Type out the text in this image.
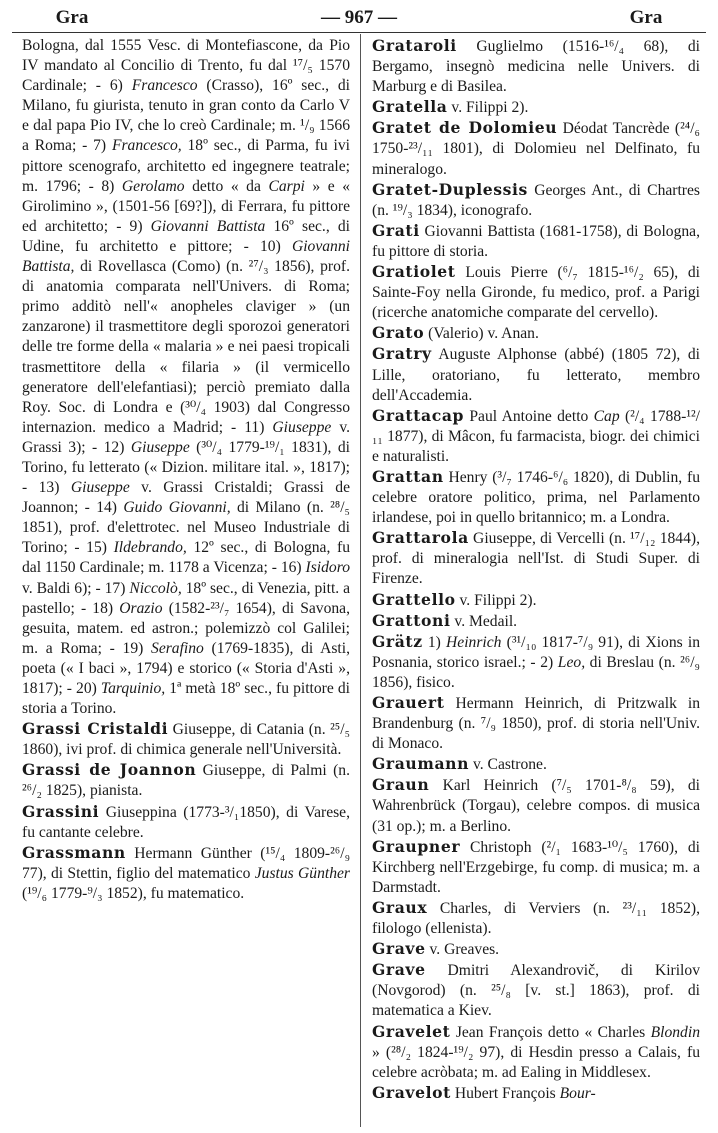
Gra	— 967 —	Gra

Bologna, dal 1555 Vesc. di Montefiascone, da Pio IV mandato al Concilio di Trento, fu dal ¹⁷/₅ 1570 Cardinale; - 6) Francesco (Crasso), 16º sec., di Milano, fu giurista, tenuto in gran conto da Carlo V e dal papa Pio IV, che lo creò Cardinale; m. ¹/₉ 1566 a Roma; - 7) Francesco, 18º sec., di Parma, fu ivi pittore scenografo, architetto ed ingegnere teatrale; m. 1796; - 8) Gerolamo detto « da Carpi » e « Girolimino », (1501-56 [69?]), di Ferrara, fu pittore ed architetto; - 9) Giovanni Battista 16º sec., di Udine, fu architetto e pittore; - 10) Giovanni Battista, di Rovellasca (Como) (n. ²⁷/₃ 1856), prof. di anatomia comparata nell'Univers. di Roma; primo additò nell'« anopheles claviger » (un zanzarone) il trasmettitore degli sporozoi generatori delle tre forme della « malaria » e nei paesi tropicali trasmettitore della « filaria » (il vermicello generatore dell'elefantiasi); perciò premiato dalla Roy. Soc. di Londra e (³⁰/₄ 1903) dal Congresso internazion. medico a Madrid; - 11) Giuseppe v. Grassi 3); - 12) Giuseppe (³⁰/₄ 1779-¹⁹/₁ 1831), di Torino, fu letterato (« Dizion. militare ital. », 1817); - 13) Giuseppe v. Grassi Cristaldi; Grassi de Joannon; - 14) Guido Giovanni, di Milano (n. ²⁸/₅ 1851), prof. d'elettrotec. nel Museo Industriale di Torino; - 15) Ildebrando, 12º sec., di Bologna, fu dal 1150 Cardinale; m. 1178 a Vicenza; - 16) Isidoro v. Baldi 6); - 17) Niccolò, 18º sec., di Venezia, pitt. a pastello; - 18) Orazio (1582-²³/₇ 1654), di Savona, gesuita, matem. ed astron.; polemizzò col Galilei; m. a Roma; - 19) Serafino (1769-1835), di Asti, poeta (« I baci », 1794) e storico (« Storia d'Asti », 1817); - 20) Tarquinio, 1ª metà 18º sec., fu pittore di storia a Torino.

Grassi Cristaldi Giuseppe, di Catania (n. ²⁵/₅ 1860), ivi prof. di chimica generale nell'Università.

Grassi de Joannon Giuseppe, di Palmi (n. ²⁶/₂ 1825), pianista.

Grassini Giuseppina (1773-³/₁1850), di Varese, fu cantante celebre.

Grassmann Hermann Günther (¹⁵/₄ 1809-²⁶/₉ 77), di Stettin, figlio del matematico Justus Günther (¹⁹/₆ 1779-⁹/₃ 1852), fu matematico.

Grataroli Guglielmo (1516-¹⁶/₄ 68), di Bergamo, insegnò medicina nelle Univers. di Marburg e di Basilea.

Gratella v. Filippi 2).

Gratet de Dolomieu Déodat Tancrède (²⁴/₆ 1750-²³/₁₁ 1801), di Dolomieu nel Delfinato, fu mineralogo.

Gratet-Duplessis Georges Ant., di Chartres (n. ¹⁹/₃ 1834), iconografo.

Grati Giovanni Battista (1681-1758), di Bologna, fu pittore di storia.

Gratiolet Louis Pierre (⁶/₇ 1815-¹⁶/₂ 65), di Sainte-Foy nella Gironde, fu medico, prof. a Parigi (ricerche anatomiche comparate del cervello).

Grato (Valerio) v. Anan.

Gratry Auguste Alphonse (abbé) (1805 72), di Lille, oratoriano, fu letterato, membro dell'Accademia.

Grattacap Paul Antoine detto Cap (²/₄ 1788-¹²/₁₁ 1877), di Mâcon, fu farmacista, biogr. dei chimici e naturalisti.

Grattan Henry (³/₇ 1746-⁶/₆ 1820), di Dublin, fu celebre oratore politico, prima, nel Parlamento irlandese, poi in quello britannico; m. a Londra.

Grattarola Giuseppe, di Vercelli (n. ¹⁷/₁₂ 1844), prof. di mineralogia nell'Ist. di Studi Super. di Firenze.

Grattello v. Filippi 2).

Grattoni v. Medail.

Grätz 1) Heinrich (³¹/₁₀ 1817-⁷/₉ 91), di Xions in Posnania, storico israel.; - 2) Leo, di Breslau (n. ²⁶/₉ 1856), fisico.

Grauert Hermann Heinrich, di Pritzwalk in Brandenburg (n. ⁷/₉ 1850), prof. di storia nell'Univ. di Monaco.

Graumann v. Castrone.

Graun Karl Heinrich (⁷/₅ 1701-⁸/₈ 59), di Wahrenbrück (Torgau), celebre compos. di musica (31 op.); m. a Berlino.

Graupner Christoph (²/₁ 1683-¹⁰/₅ 1760), di Kirchberg nell'Erzgebirge, fu comp. di musica; m. a Darmstadt.

Graux Charles, di Verviers (n. ²³/₁₁ 1852), filologo (ellenista).

Grave v. Greaves.

Grave Dmitri Alexandrovič, di Kirilov (Novgorod) (n. ²⁵/₈ [v. st.] 1863), prof. di matematica a Kiev.

Gravelet Jean François detto « Charles Blondin » (²⁸/₂ 1824-¹⁹/₂ 97), di Hesdin presso a Calais, fu celebre acròbata; m. ad Ealing in Middlesex.

Gravelot Hubert François Bour-
